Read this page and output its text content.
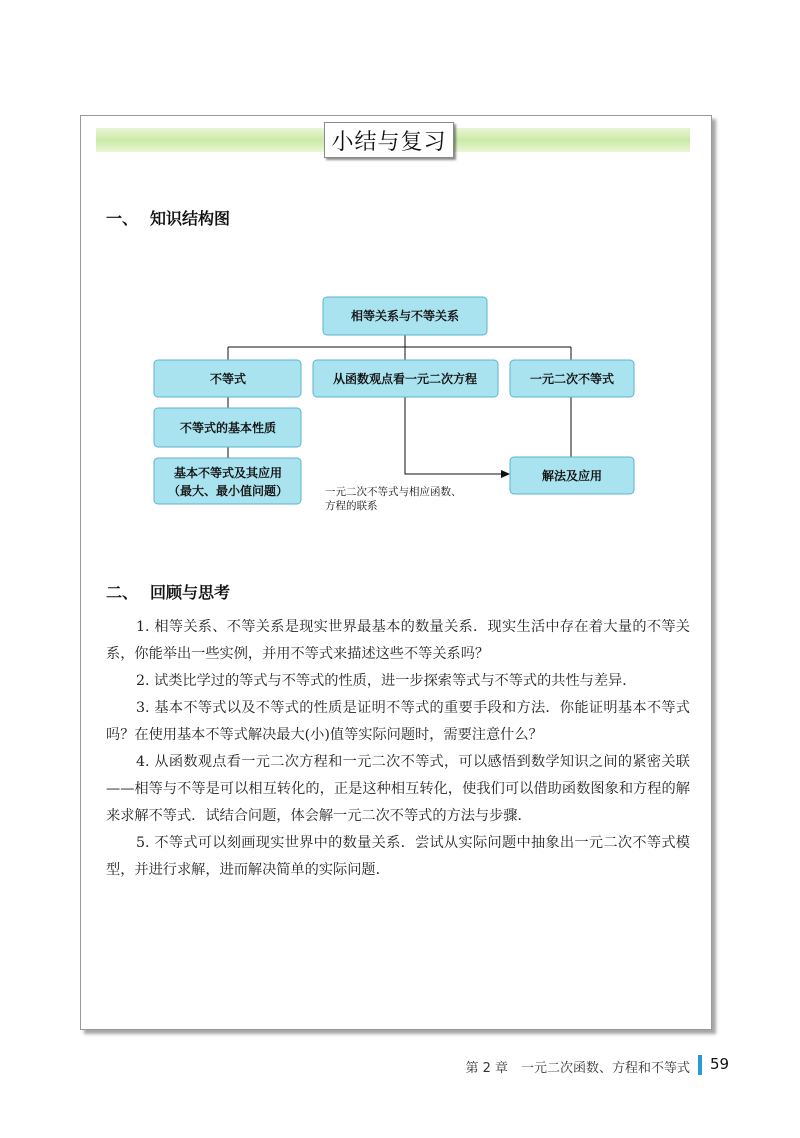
小结与复习
一、 知识结构图
相等关系与不等关系
不等式	从函数观点看一元二次方程	一元二次不等式
不等式的基本性质
基本不等式及其应用
（最大、最小值问题）
解法及应用
一元二次不等式与相应函数、
方程的联系
二、 回顾与思考

1. 相等关系、不等关系是现实世界最基本的数量关系．现实生活中存在着大量的不等关系，你能举出一些实例，并用不等式来描述这些不等关系吗？

2. 试类比学过的等式与不等式的性质，进一步探索等式与不等式的共性与差异．

3. 基本不等式以及不等式的性质是证明不等式的重要手段和方法．你能证明基本不等式吗？在使用基本不等式解决最大(小)值等实际问题时，需要注意什么？

4. 从函数观点看一元二次方程和一元二次不等式，可以感悟到数学知识之间的紧密关联——相等与不等是可以相互转化的，正是这种相互转化，使我们可以借助函数图象和方程的解来求解不等式．试结合问题，体会解一元二次不等式的方法与步骤．

5. 不等式可以刻画现实世界中的数量关系．尝试从实际问题中抽象出一元二次不等式模型，并进行求解，进而解决简单的实际问题．

第 2 章　一元二次函数、方程和不等式 59
